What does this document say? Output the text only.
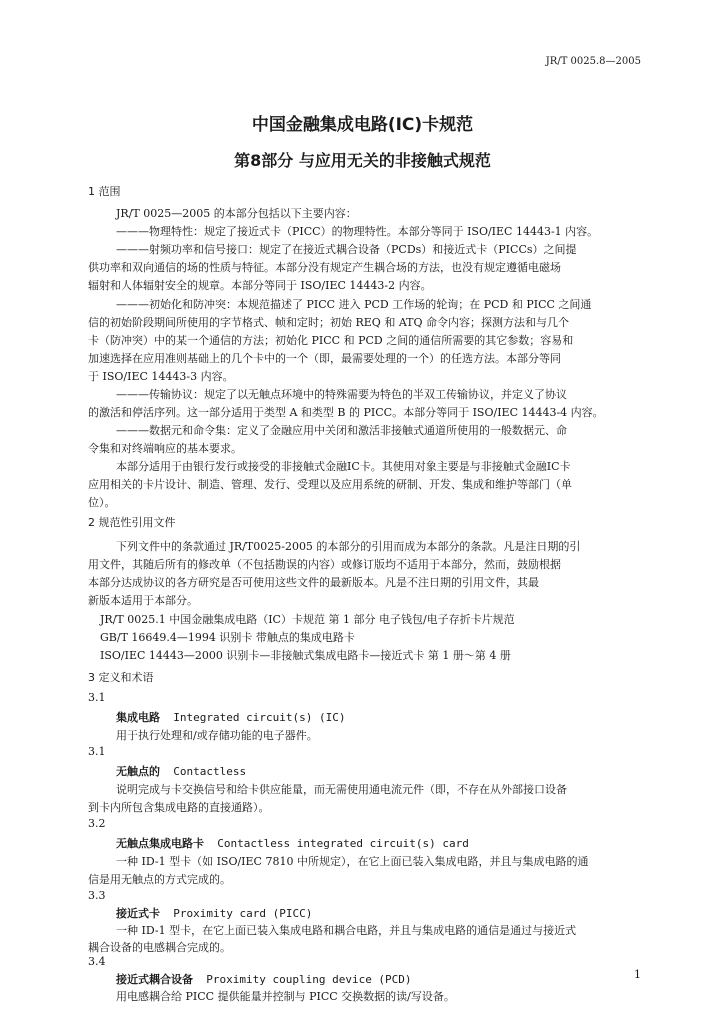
JR/T 0025.8—2005
中国金融集成电路(IC)卡规范
第8部分 与应用无关的非接触式规范
1 范围
JR/T 0025—2005 的本部分包括以下主要内容：
———物理特性：规定了接近式卡（PICC）的物理特性。本部分等同于 ISO/IEC 14443-1 内容。
———射频功率和信号接口：规定了在接近式耦合设备（PCDs）和接近式卡（PICCs）之间提
供功率和双向通信的场的性质与特征。本部分没有规定产生耦合场的方法，也没有规定遵循电磁场
辐射和人体辐射安全的规章。本部分等同于 ISO/IEC 14443-2 内容。
———初始化和防冲突：本规范描述了 PICC 进入 PCD 工作场的轮询；在 PCD 和 PICC 之间通
信的初始阶段期间所使用的字节格式、帧和定时；初始 REQ 和 ATQ 命令内容；探测方法和与几个
卡（防冲突）中的某一个通信的方法；初始化 PICC 和 PCD 之间的通信所需要的其它参数；容易和
加速选择在应用准则基础上的几个卡中的一个（即，最需要处理的一个）的任选方法。本部分等同
于 ISO/IEC 14443-3 内容。
———传输协议：规定了以无触点环境中的特殊需要为特色的半双工传输协议，并定义了协议
的激活和停活序列。这一部分适用于类型 A 和类型 B 的 PICC。本部分等同于 ISO/IEC 14443-4 内容。
———数据元和命令集：定义了金融应用中关闭和激活非接触式通道所使用的一般数据元、命
令集和对终端响应的基本要求。
本部分适用于由银行发行或接受的非接触式金融IC卡。其使用对象主要是与非接触式金融IC卡
应用相关的卡片设计、制造、管理、发行、受理以及应用系统的研制、开发、集成和维护等部门（单
位）。
2 规范性引用文件
下列文件中的条款通过 JR/T0025-2005 的本部分的引用而成为本部分的条款。凡是注日期的引
用文件，其随后所有的修改单（不包括勘误的内容）或修订版均不适用于本部分，然而，鼓励根据
本部分达成协议的各方研究是否可使用这些文件的最新版本。凡是不注日期的引用文件，其最
新版本适用于本部分。
JR/T 0025.1 中国金融集成电路（IC）卡规范 第 1 部分 电子钱包/电子存折卡片规范
GB/T 16649.4—1994 识别卡 带触点的集成电路卡
ISO/IEC 14443—2000 识别卡—非接触式集成电路卡—接近式卡 第 1 册～第 4 册
3 定义和术语
3.1
集成电路 Integrated circuit(s) (IC)
用于执行处理和/或存储功能的电子器件。
3.1
无触点的 Contactless
说明完成与卡交换信号和给卡供应能量，而无需使用通电流元件（即，不存在从外部接口设备
到卡内所包含集成电路的直接通路）。
3.2
无触点集成电路卡 Contactless integrated circuit(s) card
一种 ID-1 型卡（如 ISO/IEC 7810 中所规定），在它上面已装入集成电路，并且与集成电路的通
信是用无触点的方式完成的。
3.3
接近式卡 Proximity card (PICC)
一种 ID-1 型卡，在它上面已装入集成电路和耦合电路，并且与集成电路的通信是通过与接近式
耦合设备的电感耦合完成的。
3.4
接近式耦合设备 Proximity coupling device (PCD)
用电感耦合给 PICC 提供能量并控制与 PICC 交换数据的读/写设备。
1
